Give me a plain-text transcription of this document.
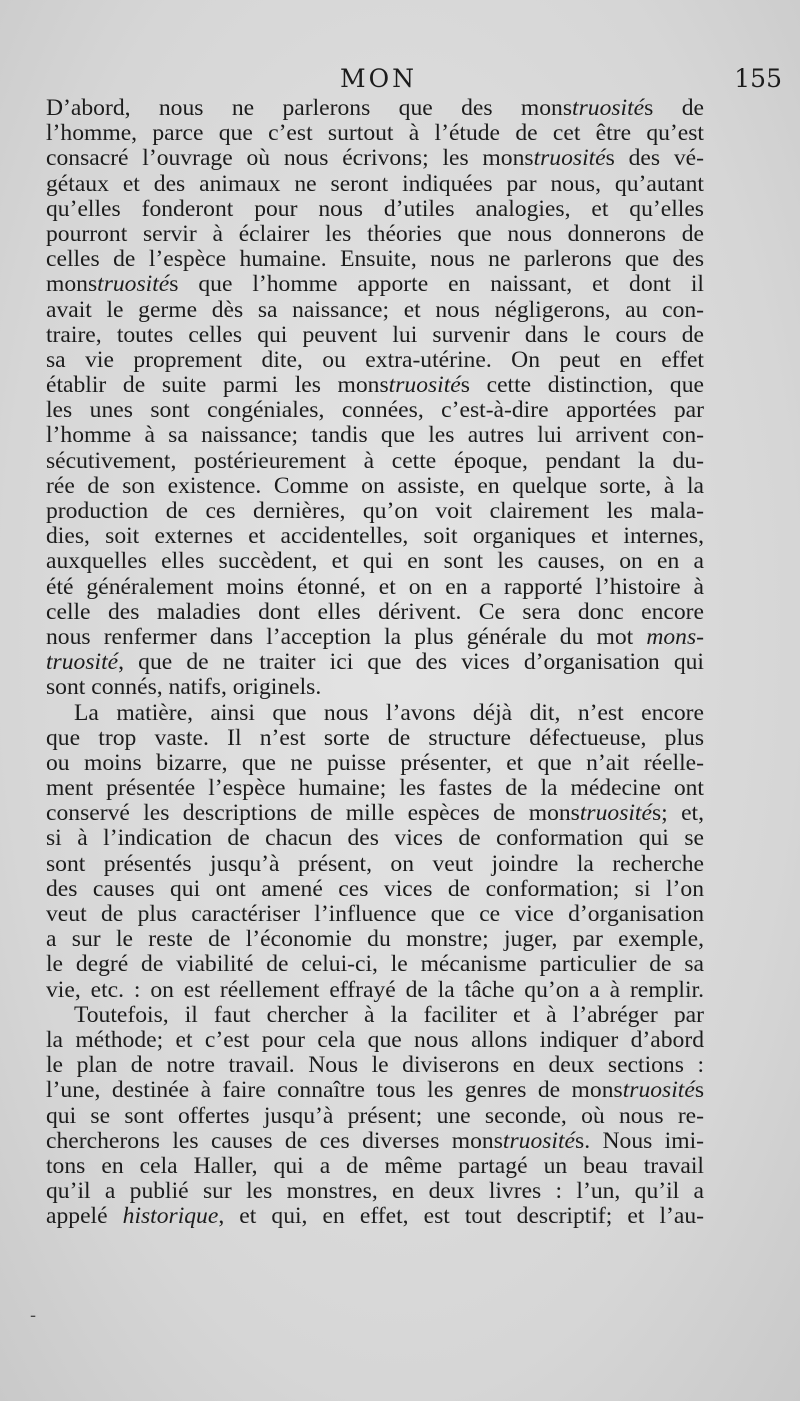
MON	155
D’abord, nous ne parlerons que des monstruosités de
l’homme, parce que c’est surtout à l’étude de cet être qu’est
consacré l’ouvrage où nous écrivons; les monstruosités des vé-
gétaux et des animaux ne seront indiquées par nous, qu’autant
qu’elles fonderont pour nous d’utiles analogies, et qu’elles
pourront servir à éclairer les théories que nous donnerons de
celles de l’espèce humaine. Ensuite, nous ne parlerons que des
monstruosités que l’homme apporte en naissant, et dont il
avait le germe dès sa naissance; et nous négligerons, au con-
traire, toutes celles qui peuvent lui survenir dans le cours de
sa vie proprement dite, ou extra-utérine. On peut en effet
établir de suite parmi les monstruosités cette distinction, que
les unes sont congéniales, connées, c’est-à-dire apportées par
l’homme à sa naissance; tandis que les autres lui arrivent con-
sécutivement, postérieurement à cette époque, pendant la du-
rée de son existence. Comme on assiste, en quelque sorte, à la
production de ces dernières, qu’on voit clairement les mala-
dies, soit externes et accidentelles, soit organiques et internes,
auxquelles elles succèdent, et qui en sont les causes, on en a
été généralement moins étonné, et on en a rapporté l’histoire à
celle des maladies dont elles dérivent. Ce sera donc encore
nous renfermer dans l’acception la plus générale du mot mons-
truosité, que de ne traiter ici que des vices d’organisation qui
sont connés, natifs, originels.
La matière, ainsi que nous l’avons déjà dit, n’est encore
que trop vaste. Il n’est sorte de structure défectueuse, plus
ou moins bizarre, que ne puisse présenter, et que n’ait réelle-
ment présentée l’espèce humaine; les fastes de la médecine ont
conservé les descriptions de mille espèces de monstruosités; et,
si à l’indication de chacun des vices de conformation qui se
sont présentés jusqu’à présent, on veut joindre la recherche
des causes qui ont amené ces vices de conformation; si l’on
veut de plus caractériser l’influence que ce vice d’organisation
a sur le reste de l’économie du monstre; juger, par exemple,
le degré de viabilité de celui-ci, le mécanisme particulier de sa
vie, etc. : on est réellement effrayé de la tâche qu’on a à remplir.
Toutefois, il faut chercher à la faciliter et à l’abréger par
la méthode; et c’est pour cela que nous allons indiquer d’abord
le plan de notre travail. Nous le diviserons en deux sections :
l’une, destinée à faire connaître tous les genres de monstruosités
qui se sont offertes jusqu’à présent; une seconde, où nous re-
chercherons les causes de ces diverses monstruosités. Nous imi-
tons en cela Haller, qui a de même partagé un beau travail
qu’il a publié sur les monstres, en deux livres : l’un, qu’il a
appelé historique, et qui, en effet, est tout descriptif; et l’au-
-
